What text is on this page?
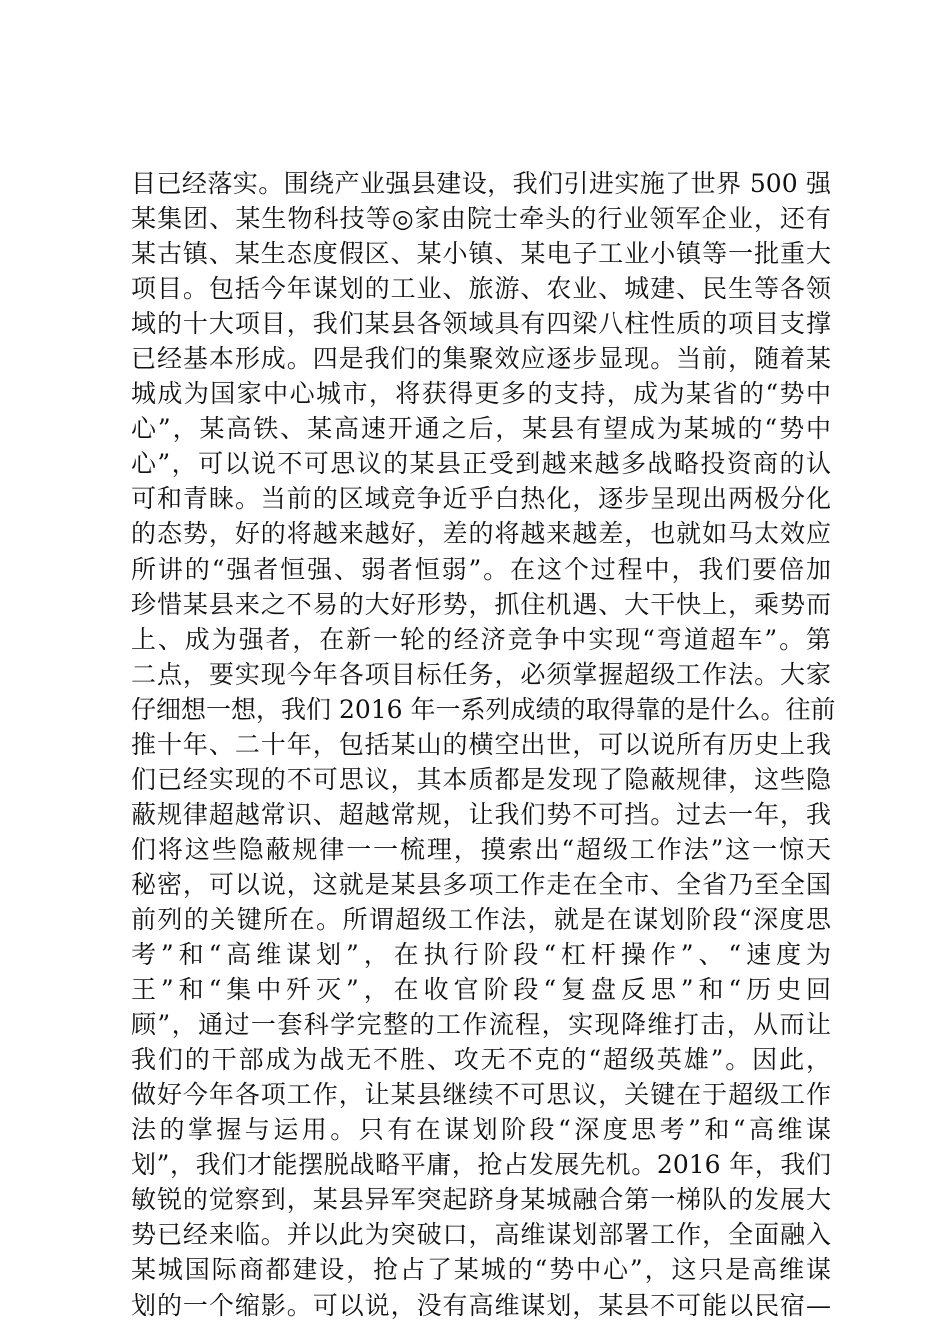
目已经落实。围绕产业强县建设，我们引进实施了世界 500 强
某集团、某生物科技等◎家由院士牵头的行业领军企业，还有
某古镇、某生态度假区、某小镇、某电子工业小镇等一批重大
项目。包括今年谋划的工业、旅游、农业、城建、民生等各领
域的十大项目，我们某县各领域具有四梁八柱性质的项目支撑
已经基本形成。四是我们的集聚效应逐步显现。当前，随着某
城成为国家中心城市，将获得更多的支持，成为某省的“势中
心”，某高铁、某高速开通之后，某县有望成为某城的“势中
心”，可以说不可思议的某县正受到越来越多战略投资商的认
可和青睐。当前的区域竞争近乎白热化，逐步呈现出两极分化
的态势，好的将越来越好，差的将越来越差，也就如马太效应
所讲的“强者恒强、弱者恒弱”。在这个过程中，我们要倍加
珍惜某县来之不易的大好形势，抓住机遇、大干快上，乘势而
上、成为强者，在新一轮的经济竞争中实现“弯道超车”。第
二点，要实现今年各项目标任务，必须掌握超级工作法。大家
仔细想一想，我们 2016 年一系列成绩的取得靠的是什么。往前
推十年、二十年，包括某山的横空出世，可以说所有历史上我
们已经实现的不可思议，其本质都是发现了隐蔽规律，这些隐
蔽规律超越常识、超越常规，让我们势不可挡。过去一年，我
们将这些隐蔽规律一一梳理，摸索出“超级工作法”这一惊天
秘密，可以说，这就是某县多项工作走在全市、全省乃至全国
前列的关键所在。所谓超级工作法，就是在谋划阶段“深度思
考”和“高维谋划”，在执行阶段“杠杆操作”、“速度为
王”和“集中歼灭”，在收官阶段“复盘反思”和“历史回
顾”，通过一套科学完整的工作流程，实现降维打击，从而让
我们的干部成为战无不胜、攻无不克的“超级英雄”。因此，
做好今年各项工作，让某县继续不可思议，关键在于超级工作
法的掌握与运用。只有在谋划阶段“深度思考”和“高维谋
划”，我们才能摆脱战略平庸，抢占发展先机。2016 年，我们
敏锐的觉察到，某县异军突起跻身某城融合第一梯队的发展大
势已经来临。并以此为突破口，高维谋划部署工作，全面融入
某城国际商都建设，抢占了某城的“势中心”，这只是高维谋
划的一个缩影。可以说，没有高维谋划，某县不可能以民宿—
